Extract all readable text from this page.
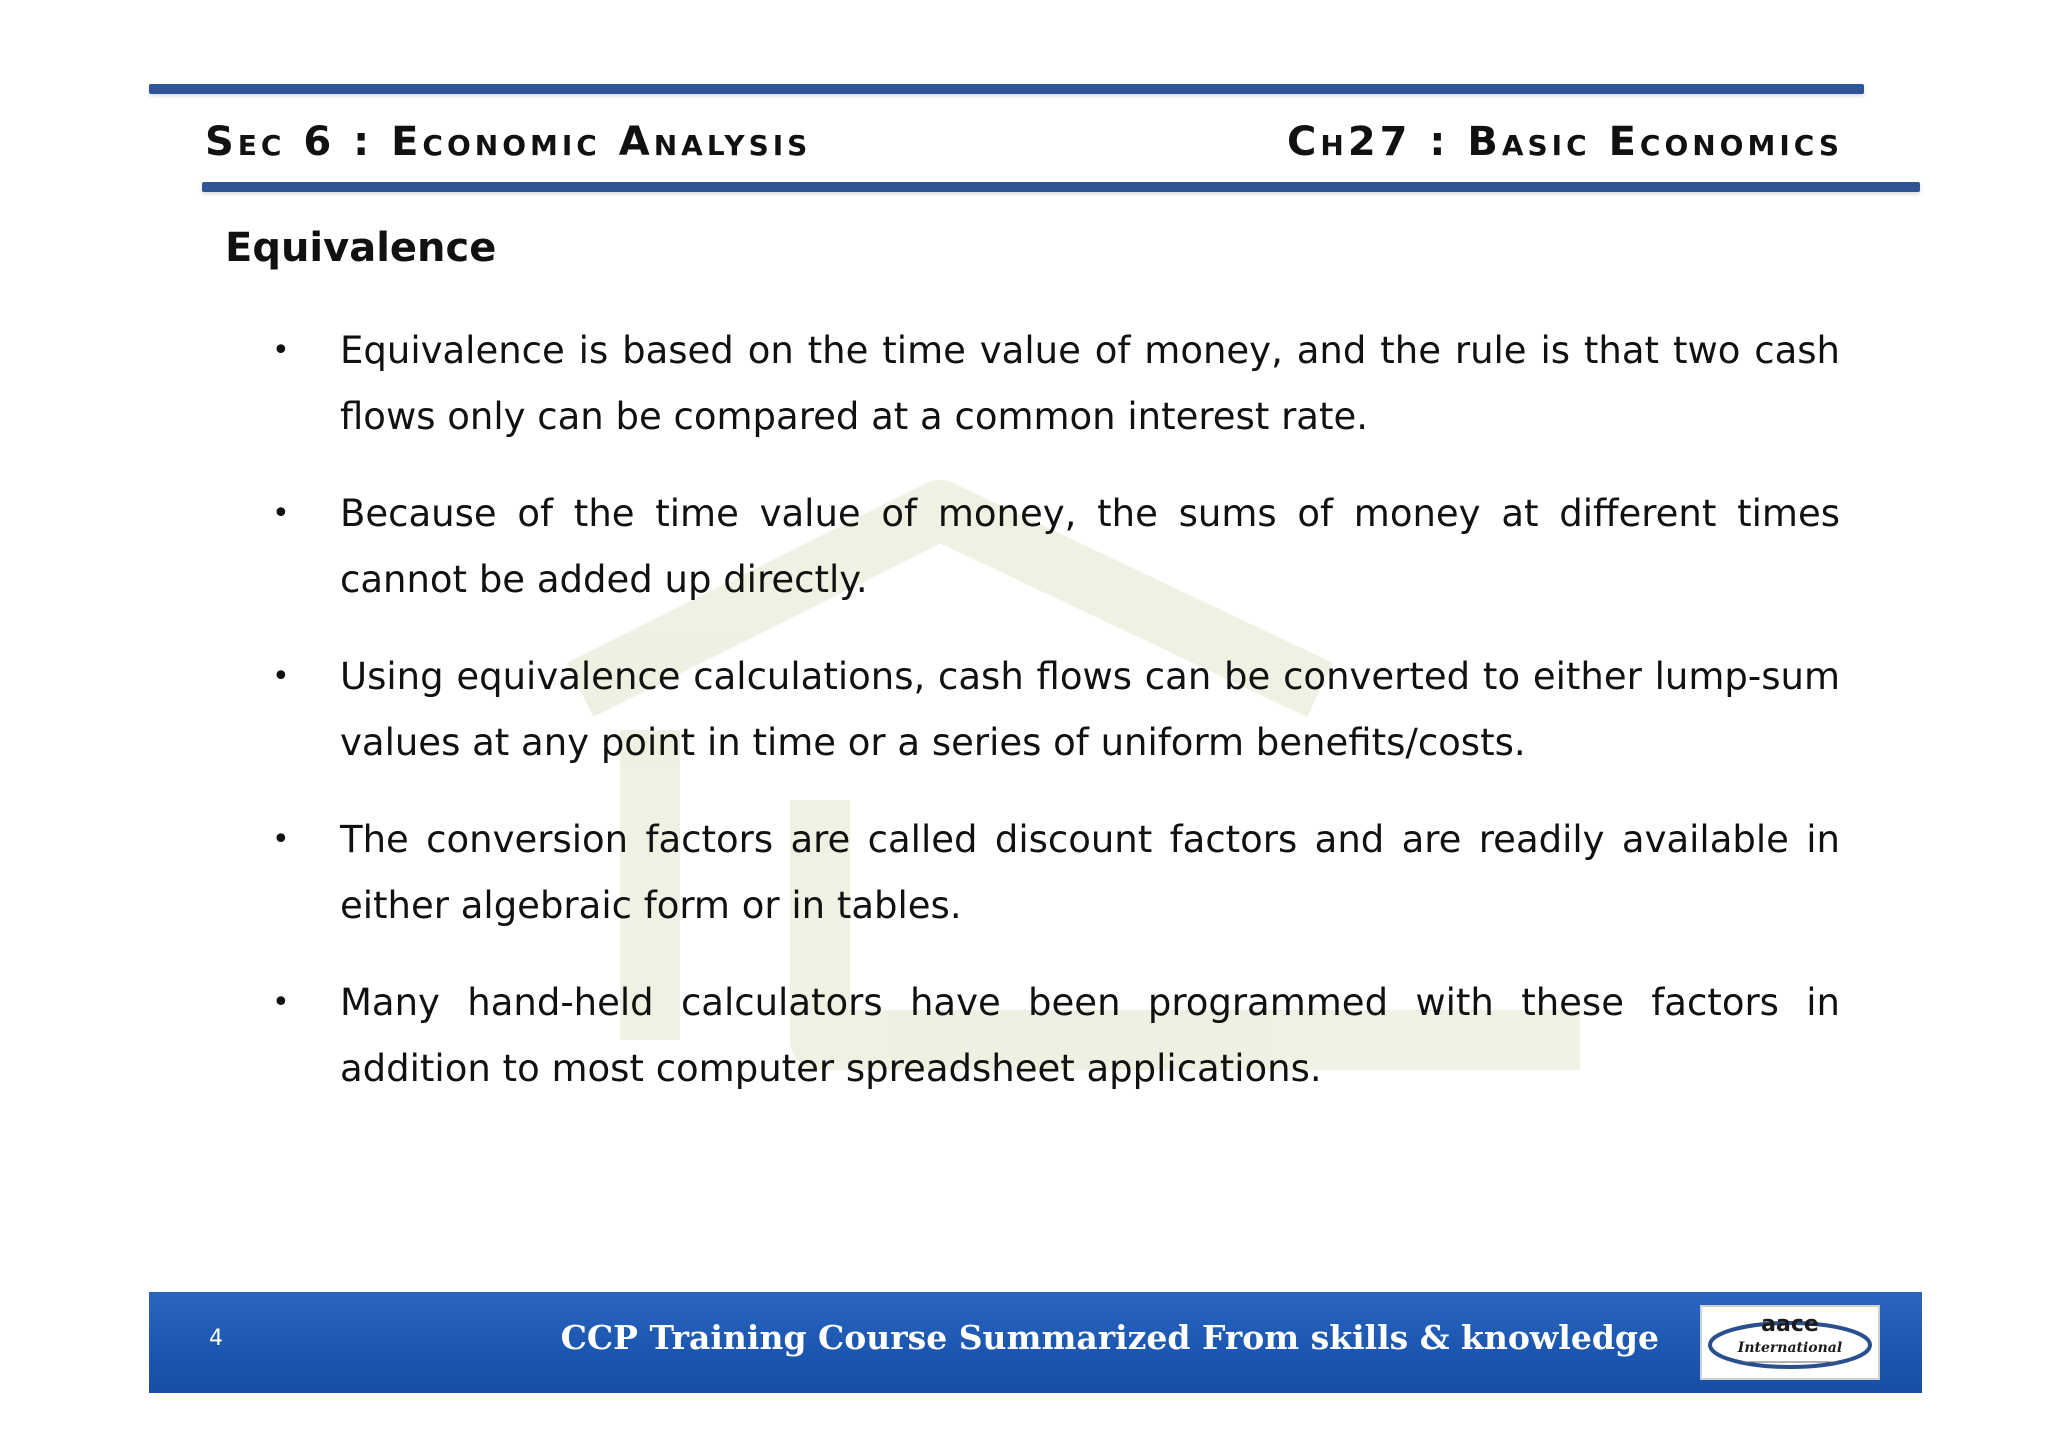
Sec 6 : Economic Analysis	Ch27 : Basic Economics
Equivalence
•	Equivalence is based on the time value of money, and the rule is that two cash flows only can be compared at a common interest rate.
•	Because of the time value of money, the sums of money at different times cannot be added up directly.
•	Using equivalence calculations, cash flows can be converted to either lump-sum values at any point in time or a series of uniform benefits/costs.
•	The conversion factors are called discount factors and are readily available in either algebraic form or in tables.
•	Many hand-held calculators have been programmed with these factors in addition to most computer spreadsheet applications.
4	CCP Training Course Summarized From skills & knowledge	aace
International
